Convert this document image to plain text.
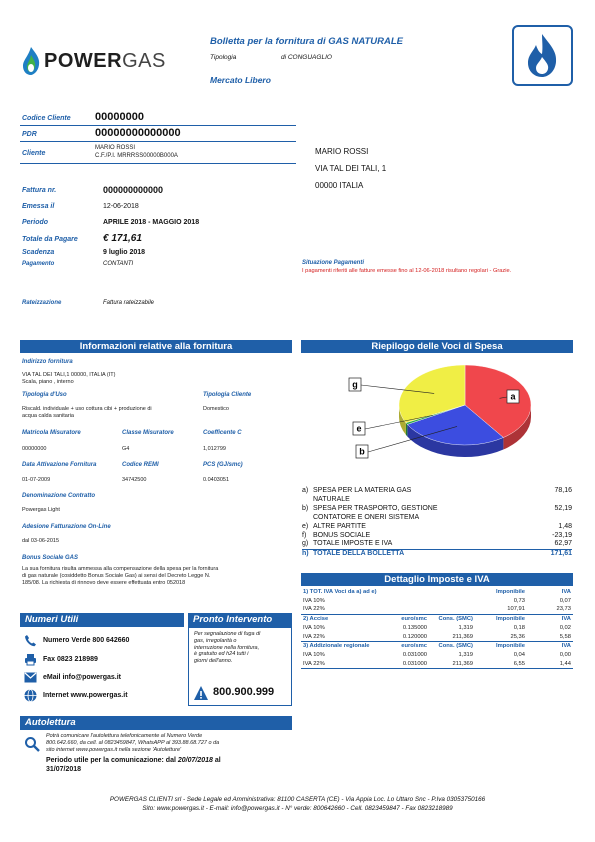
POWERGAS
Bolletta per la fornitura di GAS NATURALE
Tipologia	di CONGUAGLIO
Mercato Libero
Codice Cliente 00000000
PDR	00000000000000
Cliente
MARIO ROSSI
C.F./P.I. MRRRSS00000B000A	MARIO ROSSI
VIA TAL DEI TALI, 1
00000 ITALIA
Fattura nr.	000000000000
Emessa il	12-06-2018
Periodo	APRILE 2018 - MAGGIO 2018
Totale da Pagare	€ 171,61
Scadenza	9 luglio 2018
Pagamento	CONTANTI	Situazione Pagamenti
I pagamenti riferiti alle fatture emesse fino al 12-06-2018 risultano regolari - Grazie.
Rateizzazione	Fattura rateizzabile
Informazioni relative alla fornitura
Indirizzo fornitura
VIA TAL DEI TALI,1 00000, ITALIA (IT)
Scala, piano , interno
Tipologia d'Uso	Tipologia Cliente
Riscald. individuale + uso cottura cibi + produzione di
acqua calda sanitaria
Domestico
Matricola Misuratore	Classe Misuratore	Coefficente C
00000000	G4	1,012799
Data Attivazione Fornitura	Codice REMI	PCS (GJ/smc)
01-07-2009	34742500	0.0403051
Denominazione Contratto
Powergas Light
Adesione Fatturazione On-Line
dal 03-06-2015
Bonus Sociale GAS
La sua fornitura risulta ammessa alla compensazione della spesa per la fornitura
di gas naturale (cosiddetto Bonus Sociale Gas) ai sensi del Decreto Legge N.
185/08. La richiesta di rinnovo deve essere effettuata entro 052018
Riepilogo delle Voci di Spesa
a
b
e
g
a) SPESA PER LA MATERIA GAS
NATURALE
78,16
b) SPESA PER TRASPORTO, GESTIONE
CONTATORE E ONERI SISTEMA
52,19
e) ALTRE PARTITE	1,48
f) BONUS SOCIALE	-23,19
g) TOTALE IMPOSTE E IVA	62,97
h) TOTALE DELLA BOLLETTA	171,61
Dettaglio Imposte e IVA
1) TOT. IVA Voci da a) ad e)			Imponibile	IVA
IVA 10%			0,73	0,07
IVA 22%			107,91	23,73
2) Accise	euro/smc	Cons. (SMC)	Imponibile	IVA
IVA 10%	0.135000	1,319	0,18	0,02
IVA 22%	0.120000	211,369	25,36	5,58
3) Addizionale regionale	euro/smc	Cons. (SMC)	Imponibile	IVA
IVA 10%	0.031000	1,319	0,04	0,00
IVA 22%	0.031000	211,369	6,55	1,44
Numeri Utili
Numero Verde 800 642660
Fax 0823 218989
eMail info@powergas.it
Internet www.powergas.it
Pronto Intervento
Per segnalazione di fuga di
gas, irregolarità o
interruzione nella fornitura,
è gratuito ed h24 tutti i
giorni dell'anno.
800.900.999
Autolettura
Potrà comunicare l'autolettura telefonicamente al Numero Verde
800.642.660, da cell. al 0823459847, WhatsAPP al 393.88.68.727 o da
sito internet www.powergas.it nella sezione 'Autoletture'
Periodo utile per la comunicazione: dal 20/07/2018 al
31/07/2018
POWERGAS CLIENTI srl - Sede Legale ed Amministrativa: 81100 CASERTA (CE) - Via Appia Loc. Lo Uttaro Snc - P.Iva 03053750166
Sito: www.powergas.it - E-mail: info@powergas.it - N° verde: 800642660 - Cell. 0823459847 - Fax 0823218989
